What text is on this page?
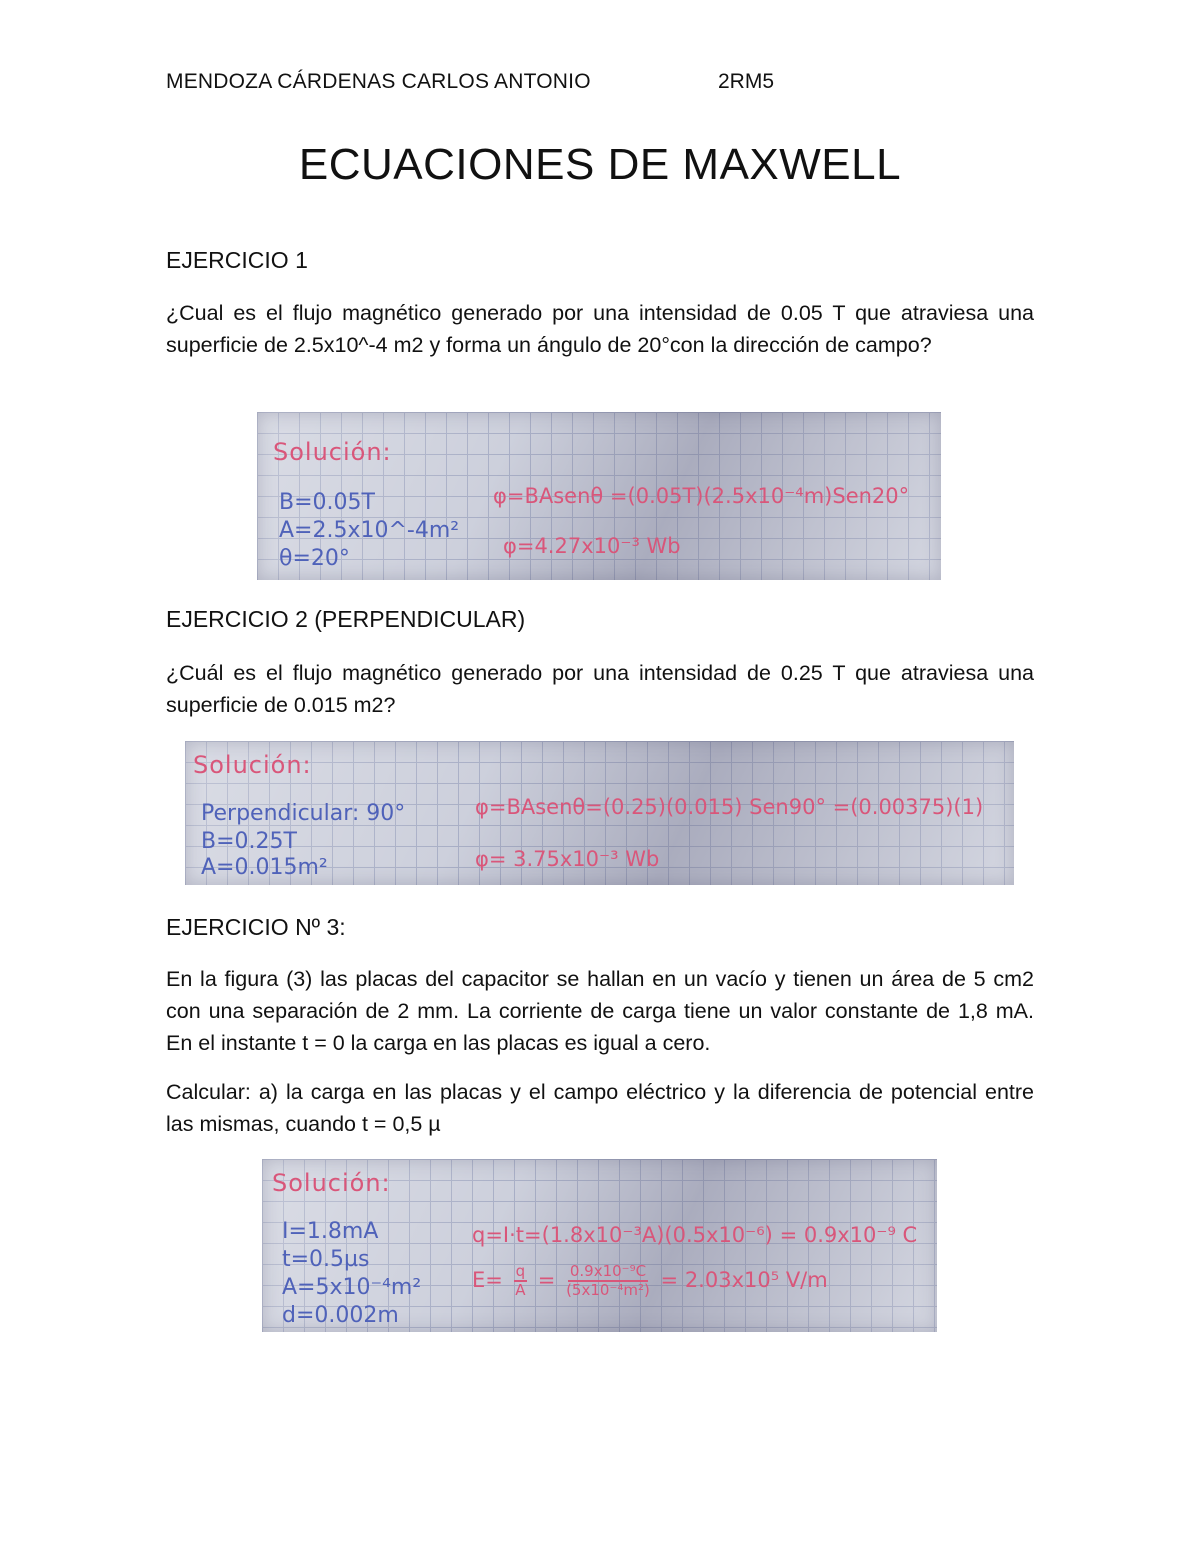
MENDOZA CÁRDENAS CARLOS ANTONIO	2RM5
ECUACIONES DE MAXWELL
EJERCICIO 1
¿Cual es el flujo magnético generado por una intensidad de 0.05 T que atraviesa una superficie de 2.5x10^-4 m2 y forma un ángulo de 20°con la dirección de campo?
Solución:
B=0.05T
A=2.5x10^-4m²
θ=20°
φ=BAsenθ =(0.05T)(2.5x10⁻⁴m)Sen20°
φ=4.27x10⁻³ Wb
EJERCICIO 2 (PERPENDICULAR)
¿Cuál es el flujo magnético generado por una intensidad de 0.25 T que atraviesa una superficie de 0.015 m2?
Solución:
Perpendicular: 90°
B=0.25T
A=0.015m²
φ=BAsenθ=(0.25)(0.015) Sen90° =(0.00375)(1)
φ= 3.75x10⁻³ Wb
EJERCICIO Nº 3:
En la figura (3) las placas del capacitor se hallan en un vacío y tienen un área de 5 cm2 con una separación de 2 mm. La corriente de carga tiene un valor constante de 1,8 mA. En el instante t = 0 la carga en las placas es igual a cero.
Calcular: a) la carga en las placas y el campo eléctrico y la diferencia de potencial entre las mismas, cuando t = 0,5 µ
Solución:
I=1.8mA
t=0.5µs
A=5x10⁻⁴m²
d=0.002m
q=I·t=(1.8x10⁻³A)(0.5x10⁻⁶) = 0.9x10⁻⁹ C
$E= \frac{q}{A} = \frac{\text{0.9x10⁻⁹C}}{\text{(5x10⁻⁴m²)}} = 2.03x10^5$ V/m
